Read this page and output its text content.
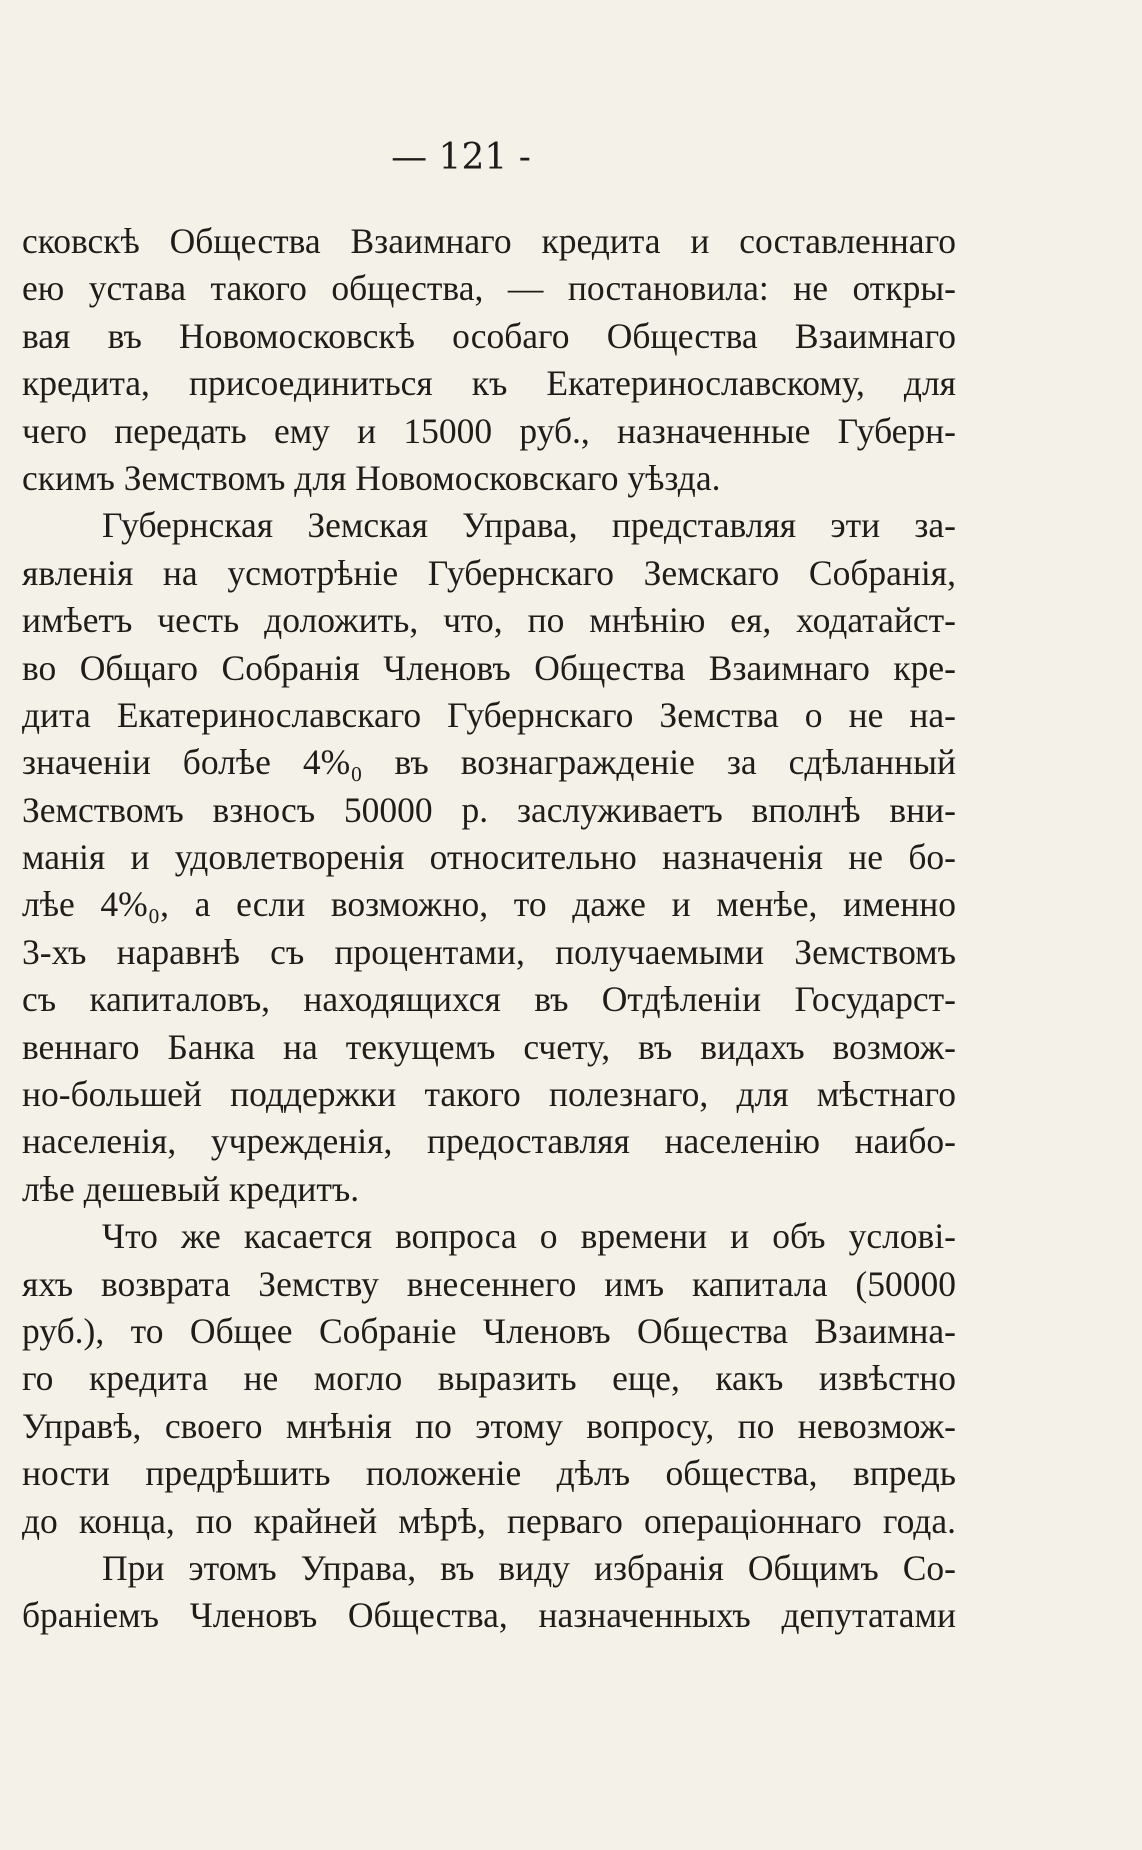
— 121 -
сковскѣ Общества Взаимнаго кредита и составленнаго
ею устава такого общества, — постановила: не откры-
вая въ Новомосковскѣ особаго Общества Взаимнаго
кредита, присоединиться къ Екатеринославскому, для
чего передать ему и 15000 руб., назначенные Губерн-
скимъ Земствомъ для Новомосковскаго уѣзда.
Губернская Земская Управа, представляя эти за-
явленія на усмотрѣніе Губернскаго Земскаго Собранія,
имѣетъ честь доложить, что, по мнѣнію ея, ходатайст-
во Общаго Собранія Членовъ Общества Взаимнаго кре-
дита Екатеринославскаго Губернскаго Земства о не на-
значеніи болѣе 4%₀ въ вознагражденіе за сдѣланный
Земствомъ взносъ 50000 р. заслуживаетъ вполнѣ вни-
манія и удовлетворенія относительно назначенія не бо-
лѣе 4%₀, а если возможно, то даже и менѣе, именно
3-хъ наравнѣ съ процентами, получаемыми Земствомъ
съ капиталовъ, находящихся въ Отдѣленіи Государст-
веннаго Банка на текущемъ счету, въ видахъ возмож-
но-большей поддержки такого полезнаго, для мѣстнаго
населенія, учрежденія, предоставляя населенію наибо-
лѣе дешевый кредитъ.
Что же касается вопроса о времени и объ услові-
яхъ возврата Земству внесеннего имъ капитала (50000
руб.), то Общее Собраніе Членовъ Общества Взаимна-
го кредита не могло выразить еще, какъ извѣстно
Управѣ, своего мнѣнія по этому вопросу, по невозмож-
ности предрѣшить положеніе дѣлъ общества, впредь
до конца, по крайней мѣрѣ, перваго операціоннаго года.
При этомъ Управа, въ виду избранія Общимъ Со-
браніемъ Членовъ Общества, назначенныхъ депутатами
